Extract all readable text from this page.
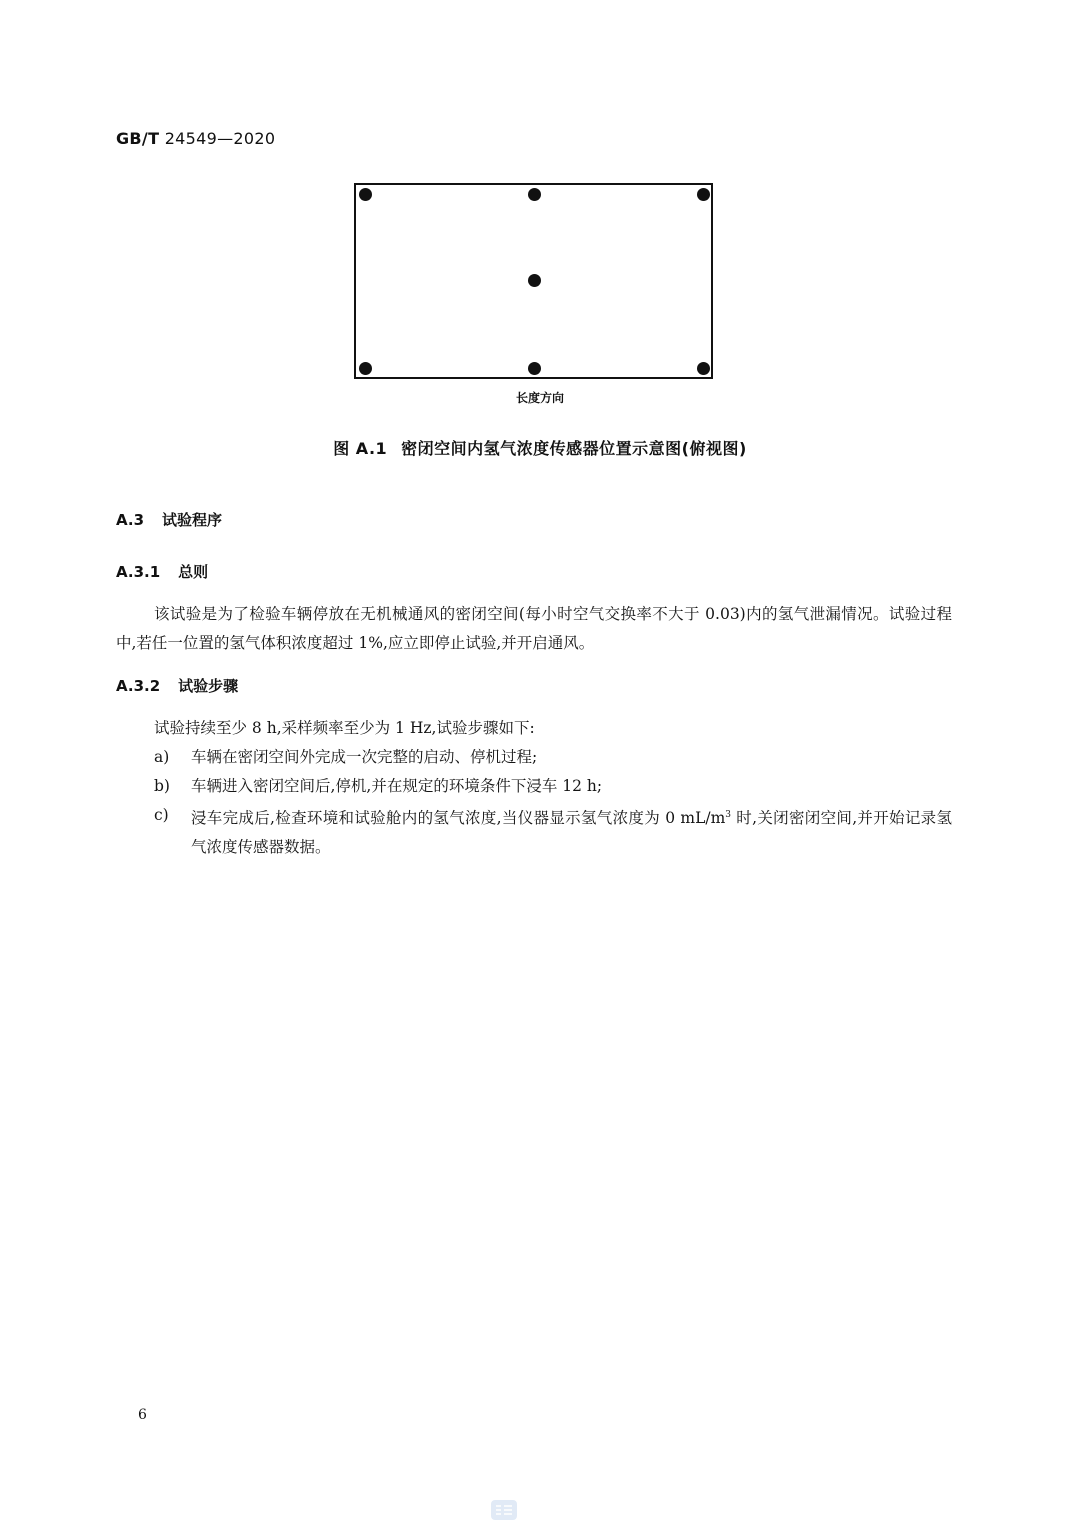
GB/T 24549—2020
长度方向
图 A.1 密闭空间内氢气浓度传感器位置示意图(俯视图)
A.3 试验程序
A.3.1 总则

该试验是为了检验车辆停放在无机械通风的密闭空间(每小时空气交换率不大于 0.03)内的氢气泄漏情况。试验过程中,若任一位置的氢气体积浓度超过 1%,应立即停止试验,并开启通风。

A.3.2 试验步骤

试验持续至少 8 h,采样频率至少为 1 Hz,试验步骤如下:

a)	车辆在密闭空间外完成一次完整的启动、停机过程;
b)	车辆进入密闭空间后,停机,并在规定的环境条件下浸车 12 h;
c)	浸车完成后,检查环境和试验舱内的氢气浓度,当仪器显示氢气浓度为 0 $mL/m^3$ 时,关闭密闭空间,并开始记录氢气浓度传感器数据。
6
